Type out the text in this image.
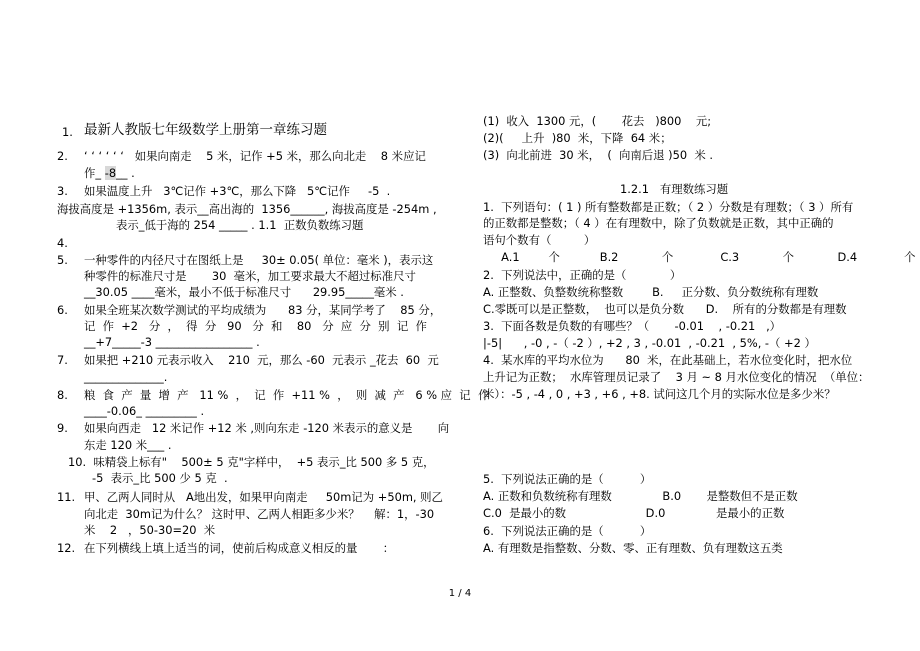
1. 最新人教版七年级数学上册第一章练习题
2. ‘ ‘ ‘ ‘ ‘ ‘   如果向南走    5 米，记作 +5 米，那么向北走    8 米应记
作_ -8__ .
3. 如果温度上升   3℃记作 +3℃，那么下降   5℃记作     -5  .
海拔高度是 +1356m, 表示__高出海的  1356______, 海拔高度是 -254m ,
表示_低于海的 254 _____ . 1.1  正数负数练习题
4.
5. 一种零件的内径尺寸在图纸上是     30± 0.05( 单位：毫米 )，表示这
种零件的标准尺寸是       30  毫米，加工要求最大不超过标准尺寸
__30.05 ____毫米，最小不低于标准尺寸      29.95_____毫米 .
6. 如果全班某次数学测试的平均成绩为      83 分，某同学考了    85 分，
记  作  +2   分  ，  得  分   90   分  和    80   分  应  分  别  记  作
__+7_____-3 _________________ .
7. 如果把 +210 元表示收入    210  元，那么 -60  元表示 _花去  60  元
______________.
8. 粮  食  产  量  增  产   11 %  ，  记  作  +11 %  ，  则  减  产   6 % 应  记  作
____-0.06_ _________ .
9. 如果向西走   12 米记作 +12 米 ,则向东走 -120 米表示的意义是       向
东走 120 米___ .
10.  味精袋上标有"    500± 5 克"字样中，  +5 表示_比 500 多 5 克，
-5  表示_比 500 少 5 克  .
11. 甲、乙两人同时从   A地出发，如果甲向南走     50m记为 +50m, 则乙
向北走  30m记为什么？ 这时甲、乙两人相距多少米？    解：1，-30
米    2   ，50-30=20  米
12. 在下列横线上填上适当的词，使前后构成意义相反的量       ：
(1)  收入  1300 元，(       花去   )800    元;
(2)(     上升  )80  米，下降  64 米；
(3)  向北前进  30 米，  (  向南后退 )50  米 .
1.2.1   有理数练习题
1.  下列语句：( 1 ) 所有整数都是正数；（ 2 ）分数是有理数；（ 3 ）所有
的正数都是整数；（ 4 ）在有理数中，除了负数就是正数，其中正确的
语句个数有（         ）
A.1        个           B.2            个             C.3            个            D.4             个
2.  下列说法中，正确的是（            ）
A. 正整数、负整数统称整数        B.     正分数、负分数统称有理数
C.零既可以是正整数，  也可以是负分数      D.    所有的分数都是有理数
3.  下面各数是负数的有哪些？（       -0.01    , -0.21   ,）
|-5|      , -0 , -（ -2 ）, +2 , 3 , -0.01  , -0.21  , 5%, -（ +2 ）
4.  某水库的平均水位为      80  米，在此基础上，若水位变化时，把水位
上升记为正数；  水库管理员记录了    3 月 ~ 8 月水位变化的情况  （单位：
米）：-5 , -4 , 0 , +3 , +6 , +8. 试问这几个月的实际水位是多少米？
5.  下列说法正确的是（          ）
A. 正数和负数统称有理数              B.0       是整数但不是正数
C.0  是最小的数                      D.0              是最小的正数
6.  下列说法正确的是（          ）
A. 有理数是指整数、分数、零、正有理数、负有理数这五类
1 / 4
